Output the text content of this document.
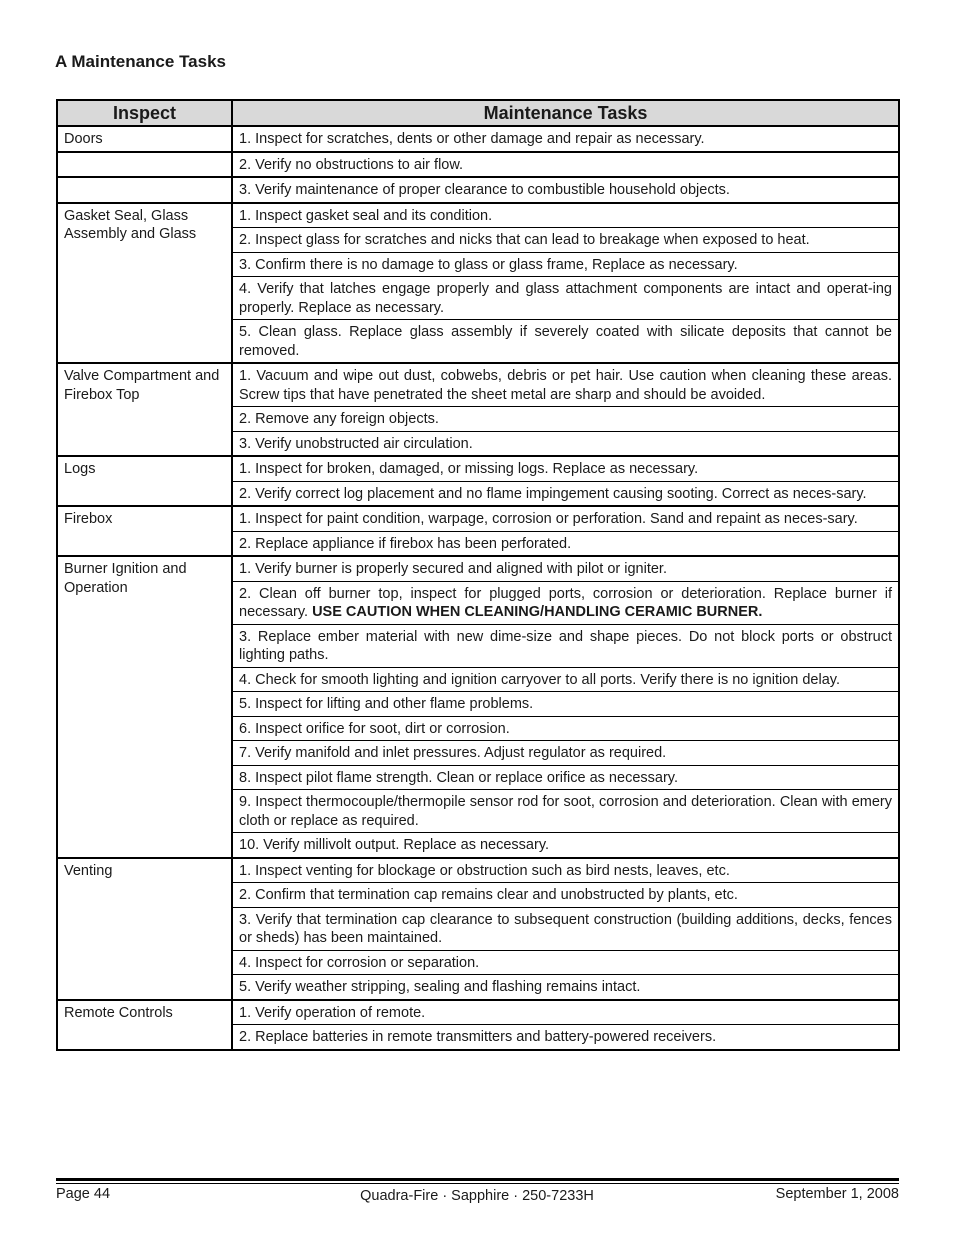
A Maintenance Tasks
Inspect	Maintenance Tasks
Doors	1. Inspect for scratches, dents or other damage and repair as necessary.
	2. Verify no obstructions to air flow.
	3. Verify maintenance of proper clearance to combustible household objects.
Gasket Seal, Glass Assembly and Glass	1. Inspect gasket seal and its condition.
	2. Inspect glass for scratches and nicks that can lead to breakage when exposed to heat.
	3. Confirm there is no damage to glass or glass frame, Replace as necessary.
	4. Verify that latches engage properly and glass attachment components are intact and operat-ing properly. Replace as necessary.
	5. Clean glass. Replace glass assembly if severely coated with silicate deposits that cannot be removed.
Valve Compartment and Firebox Top	1. Vacuum and wipe out dust, cobwebs, debris or pet hair. Use caution when cleaning these areas. Screw tips that have penetrated the sheet metal are sharp and should be avoided.
	2. Remove any foreign objects.
	3. Verify unobstructed air circulation.
Logs	1. Inspect for broken, damaged, or missing logs. Replace as necessary.
	2. Verify correct log placement and no flame impingement causing sooting. Correct as neces-sary.
Firebox	1. Inspect for paint condition, warpage, corrosion or perforation. Sand and repaint as neces-sary.
	2. Replace appliance if firebox has been perforated.
Burner Ignition and Operation	1. Verify burner is properly secured and aligned with pilot or igniter.
	2. Clean off burner top, inspect for plugged ports, corrosion or deterioration. Replace burner if necessary. USE CAUTION WHEN CLEANING/HANDLING CERAMIC BURNER.
	3. Replace ember material with new dime-size and shape pieces. Do not block ports or obstruct lighting paths.
	4. Check for smooth lighting and ignition carryover to all ports. Verify there is no ignition delay.
	5. Inspect for lifting and other flame problems.
	6. Inspect orifice for soot, dirt or corrosion.
	7. Verify manifold and inlet pressures. Adjust regulator as required.
	8. Inspect pilot flame strength. Clean or replace orifice as necessary.
	9. Inspect thermocouple/thermopile sensor rod for soot, corrosion and deterioration. Clean with emery cloth or replace as required.
	10. Verify millivolt output. Replace as necessary.
Venting	1. Inspect venting for blockage or obstruction such as bird nests, leaves, etc.
	2. Confirm that termination cap remains clear and unobstructed by plants, etc.
	3. Verify that termination cap clearance to subsequent construction (building additions, decks, fences or sheds) has been maintained.
	4. Inspect for corrosion or separation.
	5. Verify weather stripping, sealing and flashing remains intact.
Remote Controls	1. Verify operation of remote.
	2. Replace batteries in remote transmitters and battery-powered receivers.
Page 44	Quadra-Fire · Sapphire · 250-7233H	September 1, 2008
